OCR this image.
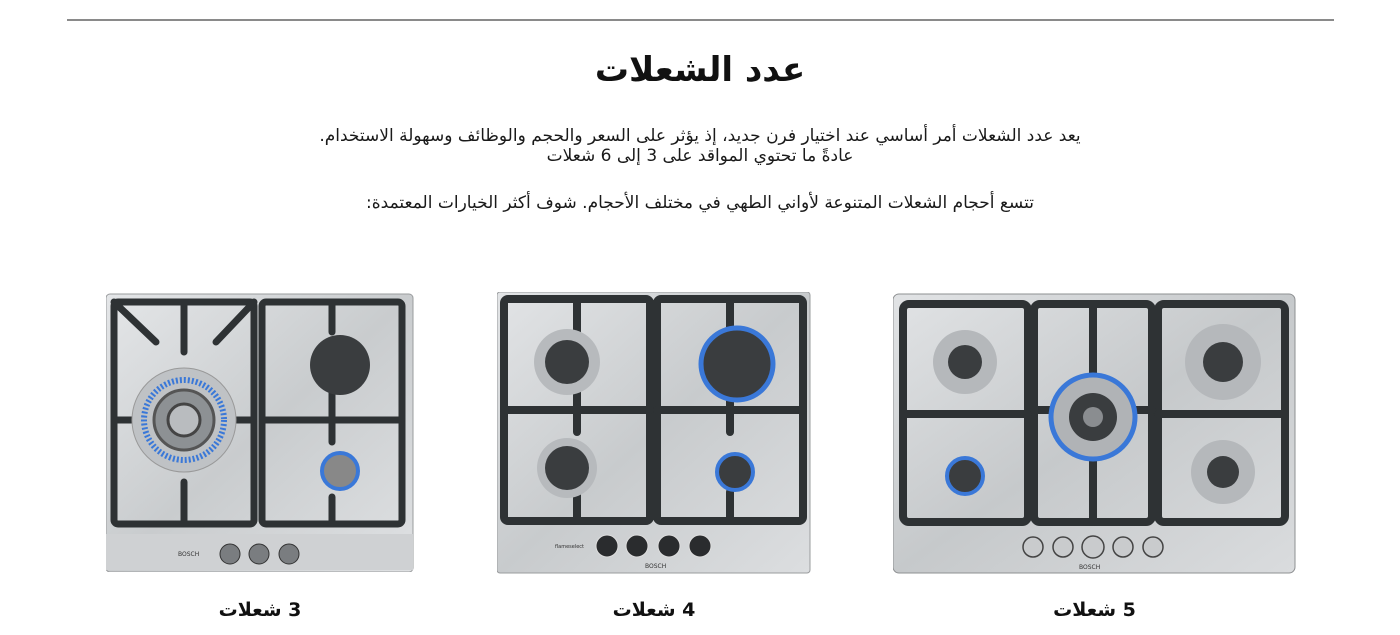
عدد الشعلات
يعد عدد الشعلات أمر أساسي عند اختيار فرن جديد، إذ يؤثر على السعر والحجم والوظائف وسهولة الاستخدام.
عادةً ما تحتوي المواقد على 3 إلى 6 شعلات
تتسع أحجام الشعلات المتنوعة لأواني الطهي في مختلف الأحجام. شوف أكثر الخيارات المعتمدة:
BOSCH
3 شعلات
flameselect
BOSCH
4 شعلات
BOSCH
5 شعلات
